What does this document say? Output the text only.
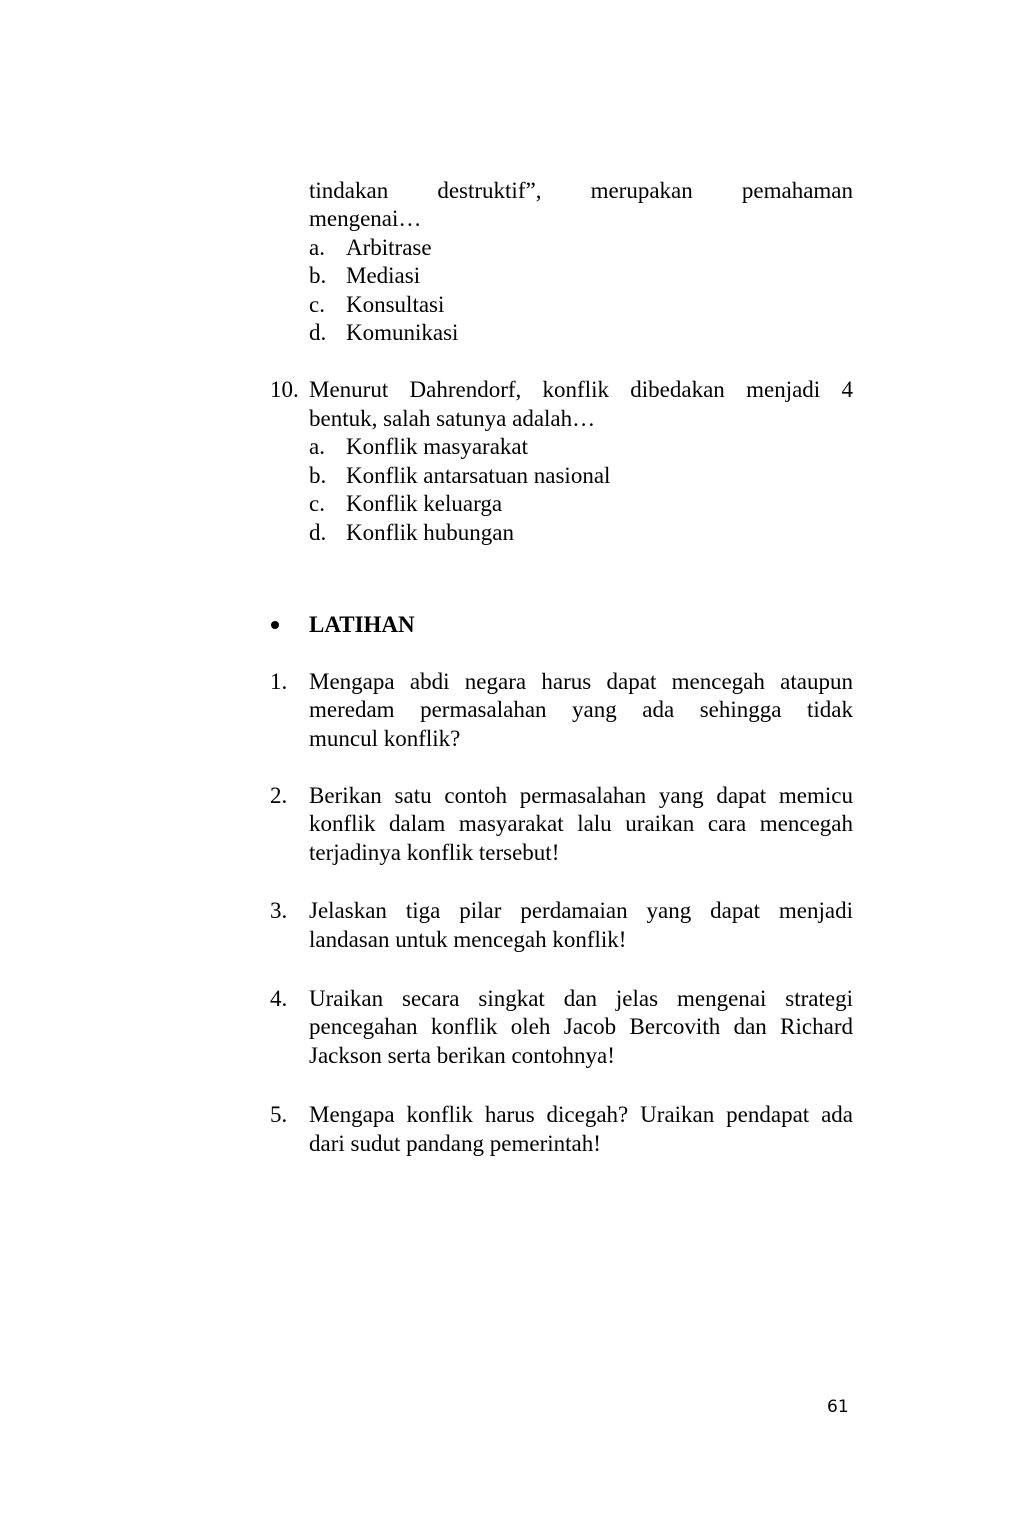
tindakan destruktif”, merupakan pemahaman
mengenai…
a. Arbitrase
b. Mediasi
c. Konsultasi
d. Komunikasi
10. Menurut Dahrendorf, konflik dibedakan menjadi 4
bentuk, salah satunya adalah…
a. Konflik masyarakat
b. Konflik antarsatuan nasional
c. Konflik keluarga
d. Konflik hubungan
LATIHAN
1. Mengapa abdi negara harus dapat mencegah ataupun
meredam permasalahan yang ada sehingga tidak
muncul konflik?
2. Berikan satu contoh permasalahan yang dapat memicu
konflik dalam masyarakat lalu uraikan cara mencegah
terjadinya konflik tersebut!
3. Jelaskan tiga pilar perdamaian yang dapat menjadi
landasan untuk mencegah konflik!
4. Uraikan secara singkat dan jelas mengenai strategi
pencegahan konflik oleh Jacob Bercovith dan Richard
Jackson serta berikan contohnya!
5. Mengapa konflik harus dicegah? Uraikan pendapat ada
dari sudut pandang pemerintah!
61
